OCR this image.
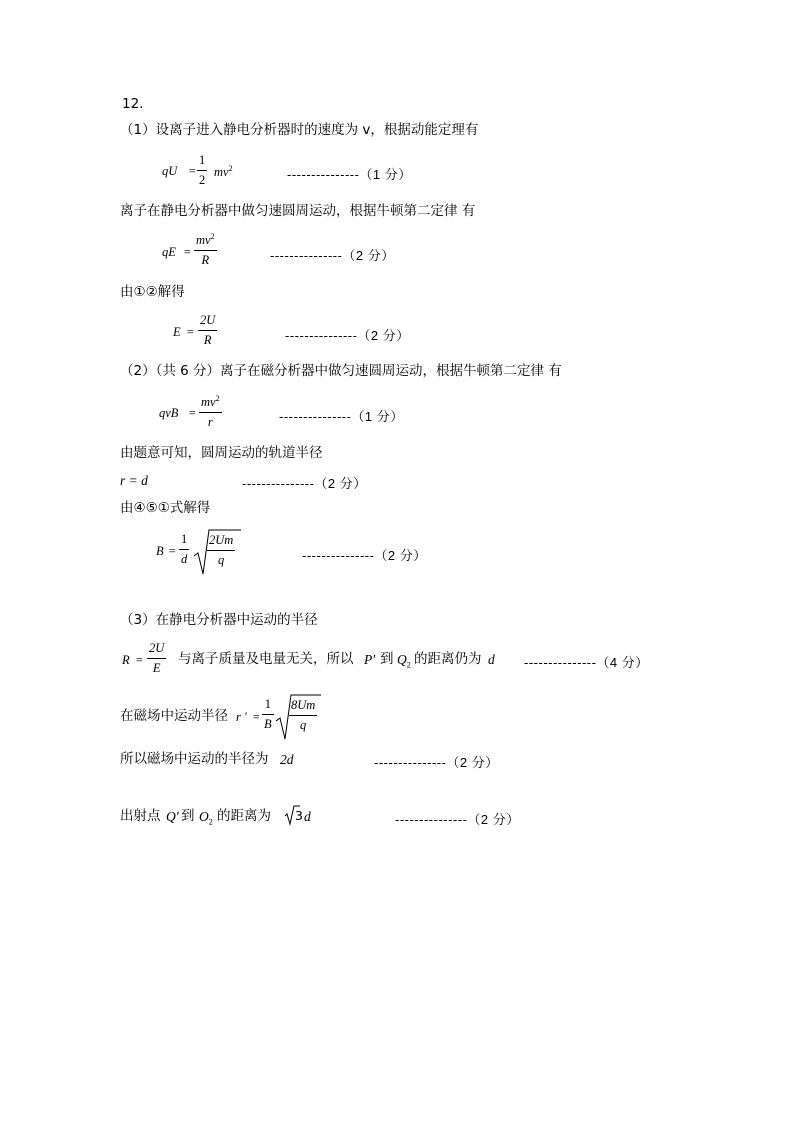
12.
（1）设离子进入静电分析器时的速度为 v，根据动能定理有
qU =
1
2
$mv^2$	---------------（1 分）
离子在静电分析器中做匀速圆周运动，根据牛顿第二定律 有
qE =
$mv^2$
R	---------------（2 分）
由①②解得
E =
2U
R	---------------（2 分）
（2）（共 6 分）离子在磁分析器中做匀速圆周运动，根据牛顿第二定律 有
qvB =
$mv^2$
r	---------------（1 分）
由题意可知，圆周运动的轨道半径
r = d	---------------（2 分）
由④⑤①式解得
B =
1
d
2Um
q	---------------（2 分）
（3）在静电分析器中运动的半径
R =
2U
E
与离子质量及电量无关，所以 P' 到 $Q_2$ 的距离仍为 d ---------------（4 分）
在磁场中运动半径 r ' =
1
B
8Um
q
所以磁场中运动的半径为 2d	---------------（2 分）
出射点 Q' 到 $O_2$ 的距离为 3 d	---------------（2 分）
